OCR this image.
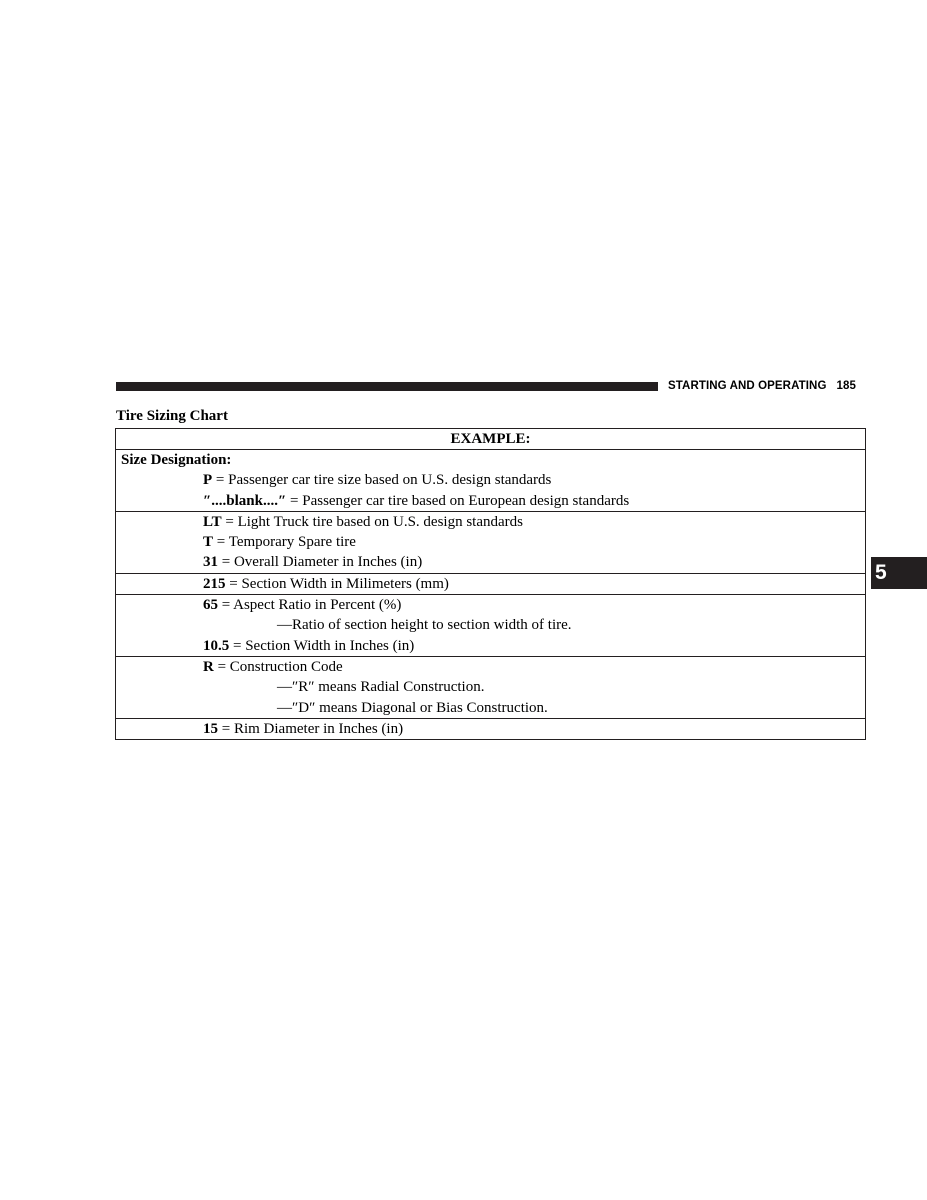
STARTING AND OPERATING 185
Tire Sizing Chart
EXAMPLE:

Size Designation:
P = Passenger car tire size based on U.S. design standards
″....blank....″ = Passenger car tire based on European design standards

LT = Light Truck tire based on U.S. design standards
T = Temporary Spare tire
31 = Overall Diameter in Inches (in)

215 = Section Width in Milimeters (mm)

65 = Aspect Ratio in Percent (%)
—Ratio of section height to section width of tire.
10.5 = Section Width in Inches (in)

R = Construction Code
—″R″ means Radial Construction.
—″D″ means Diagonal or Bias Construction.

15 = Rim Diameter in Inches (in)
5
